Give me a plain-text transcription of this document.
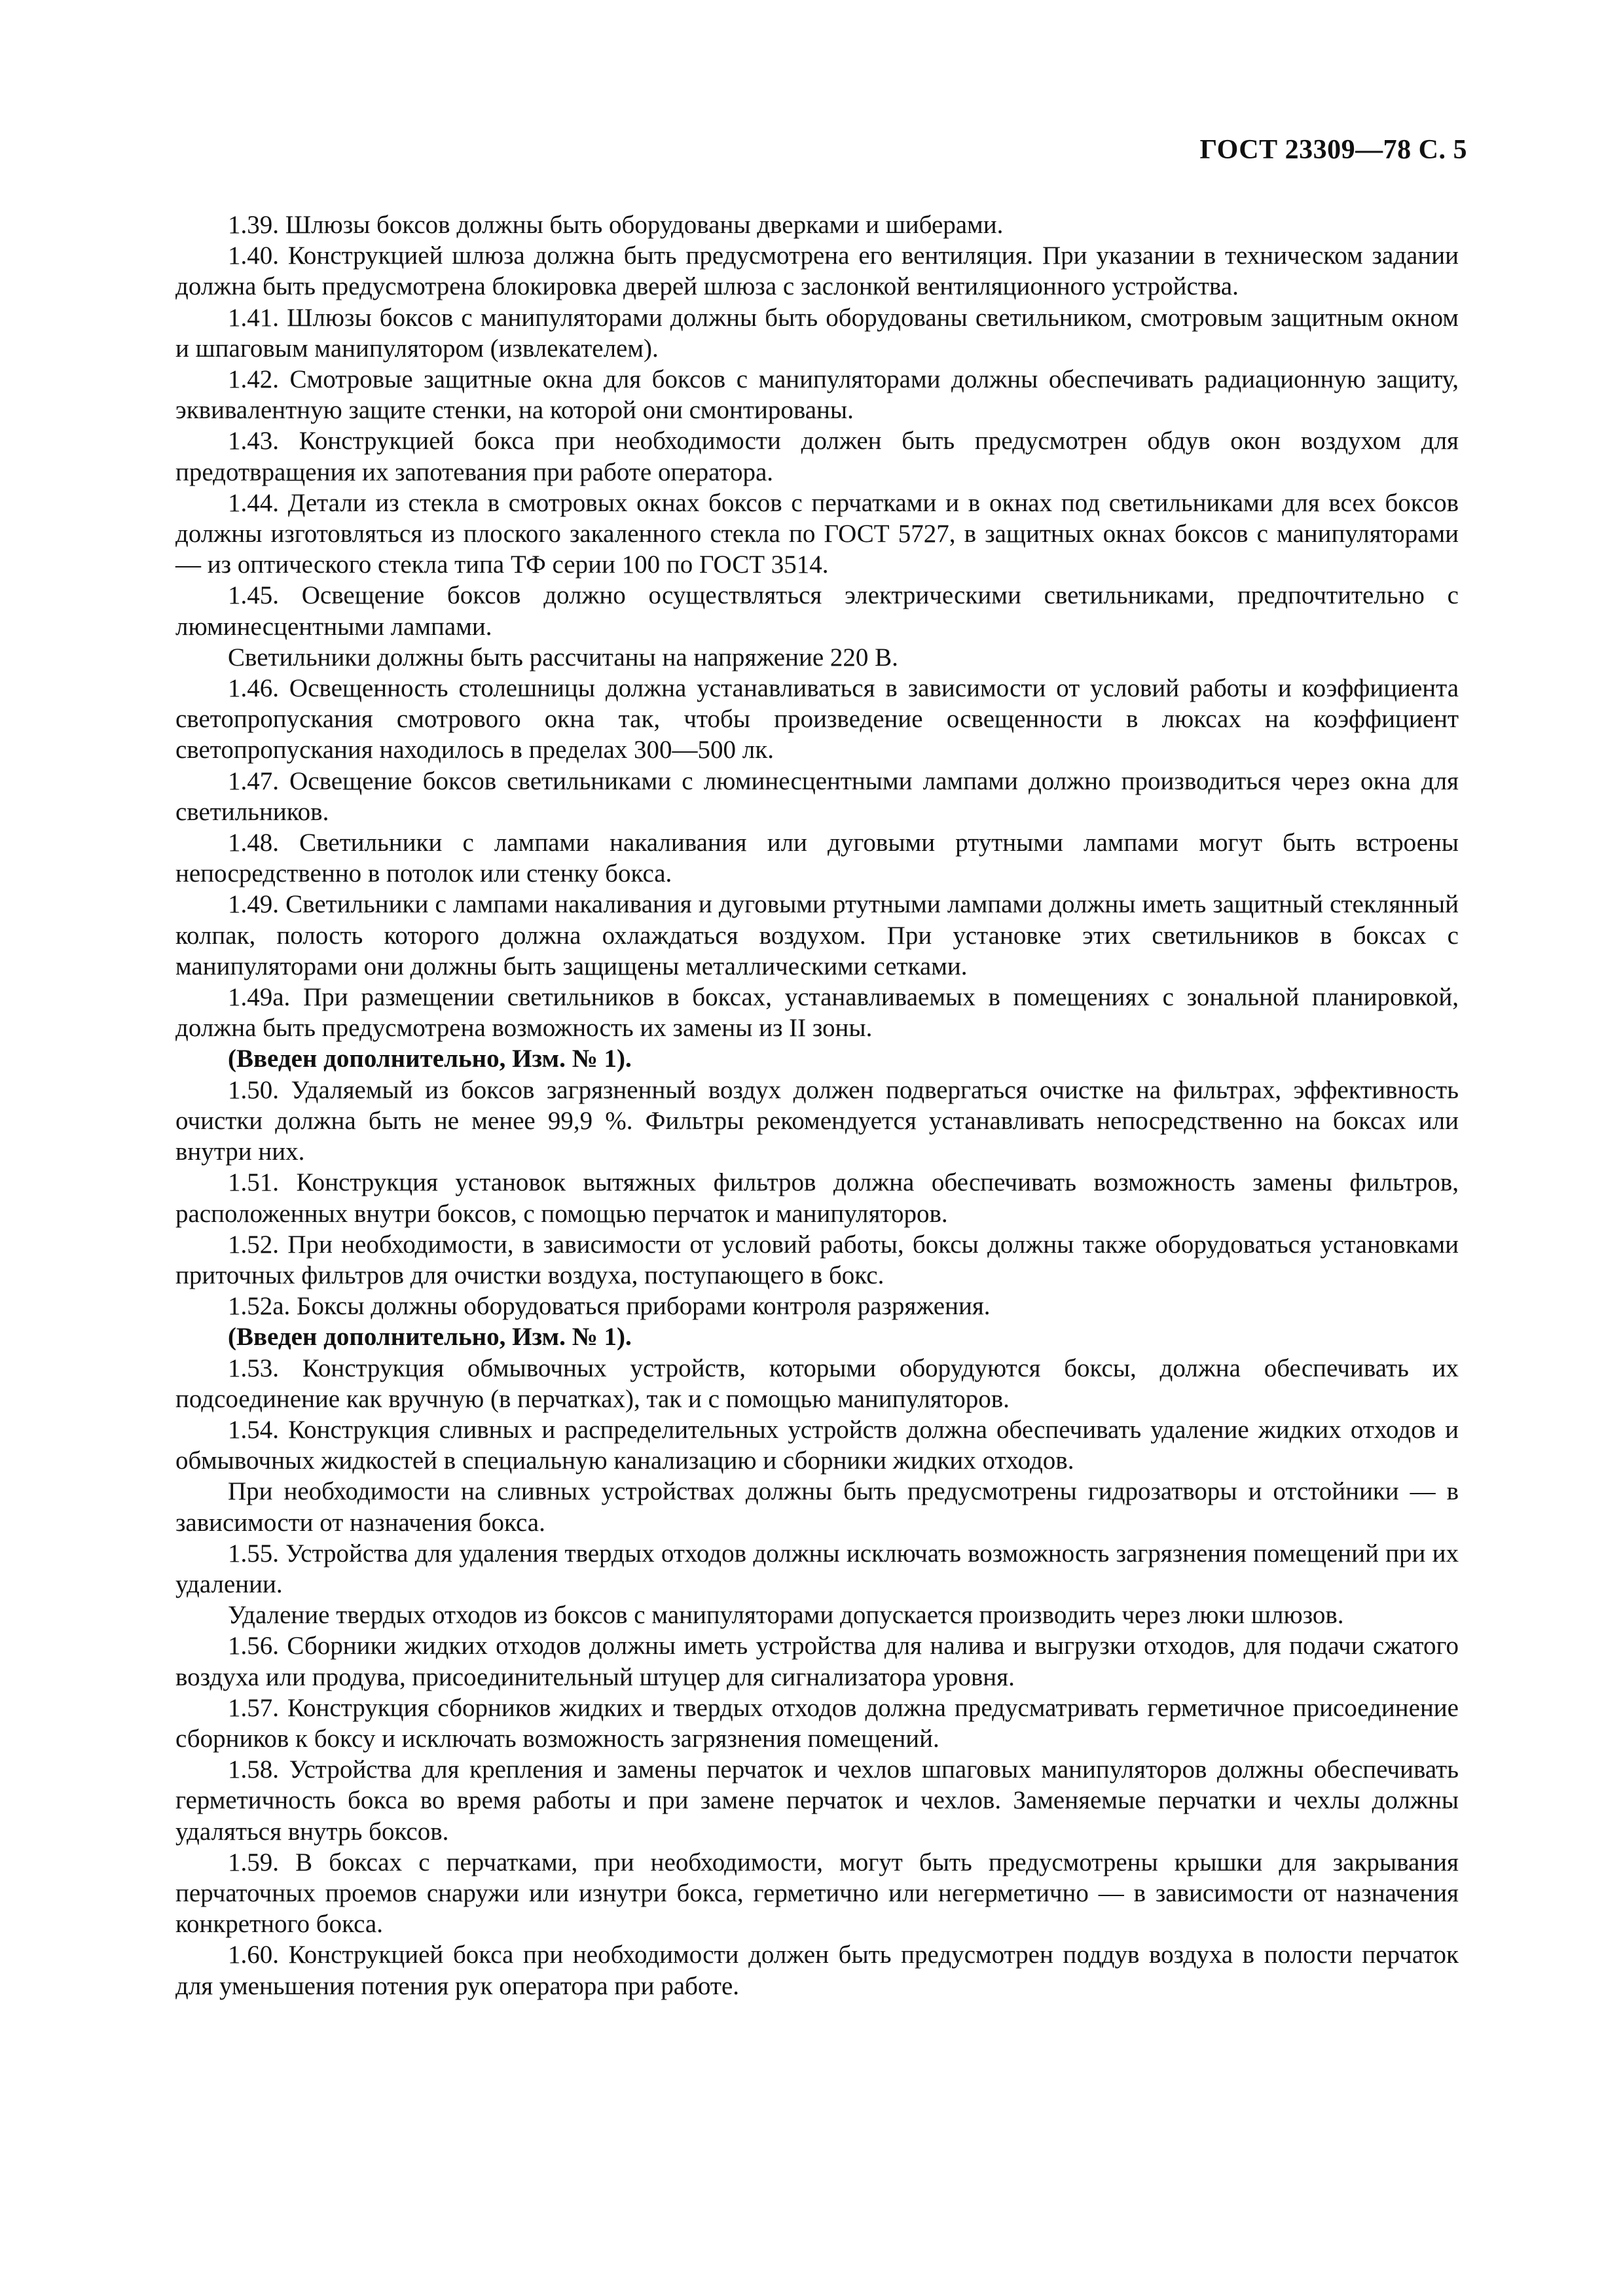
ГОСТ 23309—78 С. 5

1.39. Шлюзы боксов должны быть оборудованы дверками и шиберами.

1.40. Конструкцией шлюза должна быть предусмотрена его вентиляция. При указании в техническом задании должна быть предусмотрена блокировка дверей шлюза с заслонкой вентиляционного устройства.

1.41. Шлюзы боксов с манипуляторами должны быть оборудованы светильником, смотровым защитным окном и шпаговым манипулятором (извлекателем).

1.42. Смотровые защитные окна для боксов с манипуляторами должны обеспечивать радиационную защиту, эквивалентную защите стенки, на которой они смонтированы.

1.43. Конструкцией бокса при необходимости должен быть предусмотрен обдув окон воздухом для предотвращения их запотевания при работе оператора.

1.44. Детали из стекла в смотровых окнах боксов с перчатками и в окнах под светильниками для всех боксов должны изготовляться из плоского закаленного стекла по ГОСТ 5727, в защитных окнах боксов с манипуляторами — из оптического стекла типа ТФ серии 100 по ГОСТ 3514.

1.45. Освещение боксов должно осуществляться электрическими светильниками, предпочтительно с люминесцентными лампами.

Светильники должны быть рассчитаны на напряжение 220 В.

1.46. Освещенность столешницы должна устанавливаться в зависимости от условий работы и коэффициента светопропускания смотрового окна так, чтобы произведение освещенности в люксах на коэффициент светопропускания находилось в пределах 300—500 лк.

1.47. Освещение боксов светильниками с люминесцентными лампами должно производиться через окна для светильников.

1.48. Светильники с лампами накаливания или дуговыми ртутными лампами могут быть встроены непосредственно в потолок или стенку бокса.

1.49. Светильники с лампами накаливания и дуговыми ртутными лампами должны иметь защитный стеклянный колпак, полость которого должна охлаждаться воздухом. При установке этих светильников в боксах с манипуляторами они должны быть защищены металлическими сетками.

1.49а. При размещении светильников в боксах, устанавливаемых в помещениях с зональной планировкой, должна быть предусмотрена возможность их замены из II зоны.

(Введен дополнительно, Изм. № 1).

1.50. Удаляемый из боксов загрязненный воздух должен подвергаться очистке на фильтрах, эффективность очистки должна быть не менее 99,9 %. Фильтры рекомендуется устанавливать непосредственно на боксах или внутри них.

1.51. Конструкция установок вытяжных фильтров должна обеспечивать возможность замены фильтров, расположенных внутри боксов, с помощью перчаток и манипуляторов.

1.52. При необходимости, в зависимости от условий работы, боксы должны также оборудоваться установками приточных фильтров для очистки воздуха, поступающего в бокс.

1.52а. Боксы должны оборудоваться приборами контроля разряжения.

(Введен дополнительно, Изм. № 1).

1.53. Конструкция обмывочных устройств, которыми оборудуются боксы, должна обеспечивать их подсоединение как вручную (в перчатках), так и с помощью манипуляторов.

1.54. Конструкция сливных и распределительных устройств должна обеспечивать удаление жидких отходов и обмывочных жидкостей в специальную канализацию и сборники жидких отходов.

При необходимости на сливных устройствах должны быть предусмотрены гидрозатворы и отстойники — в зависимости от назначения бокса.

1.55. Устройства для удаления твердых отходов должны исключать возможность загрязнения помещений при их удалении.

Удаление твердых отходов из боксов с манипуляторами допускается производить через люки шлюзов.

1.56. Сборники жидких отходов должны иметь устройства для налива и выгрузки отходов, для подачи сжатого воздуха или продува, присоединительный штуцер для сигнализатора уровня.

1.57. Конструкция сборников жидких и твердых отходов должна предусматривать герметичное присоединение сборников к боксу и исключать возможность загрязнения помещений.

1.58. Устройства для крепления и замены перчаток и чехлов шпаговых манипуляторов должны обеспечивать герметичность бокса во время работы и при замене перчаток и чехлов. Заменяемые перчатки и чехлы должны удаляться внутрь боксов.

1.59. В боксах с перчатками, при необходимости, могут быть предусмотрены крышки для закрывания перчаточных проемов снаружи или изнутри бокса, герметично или негерметично — в зависимости от назначения конкретного бокса.

1.60. Конструкцией бокса при необходимости должен быть предусмотрен поддув воздуха в полости перчаток для уменьшения потения рук оператора при работе.
